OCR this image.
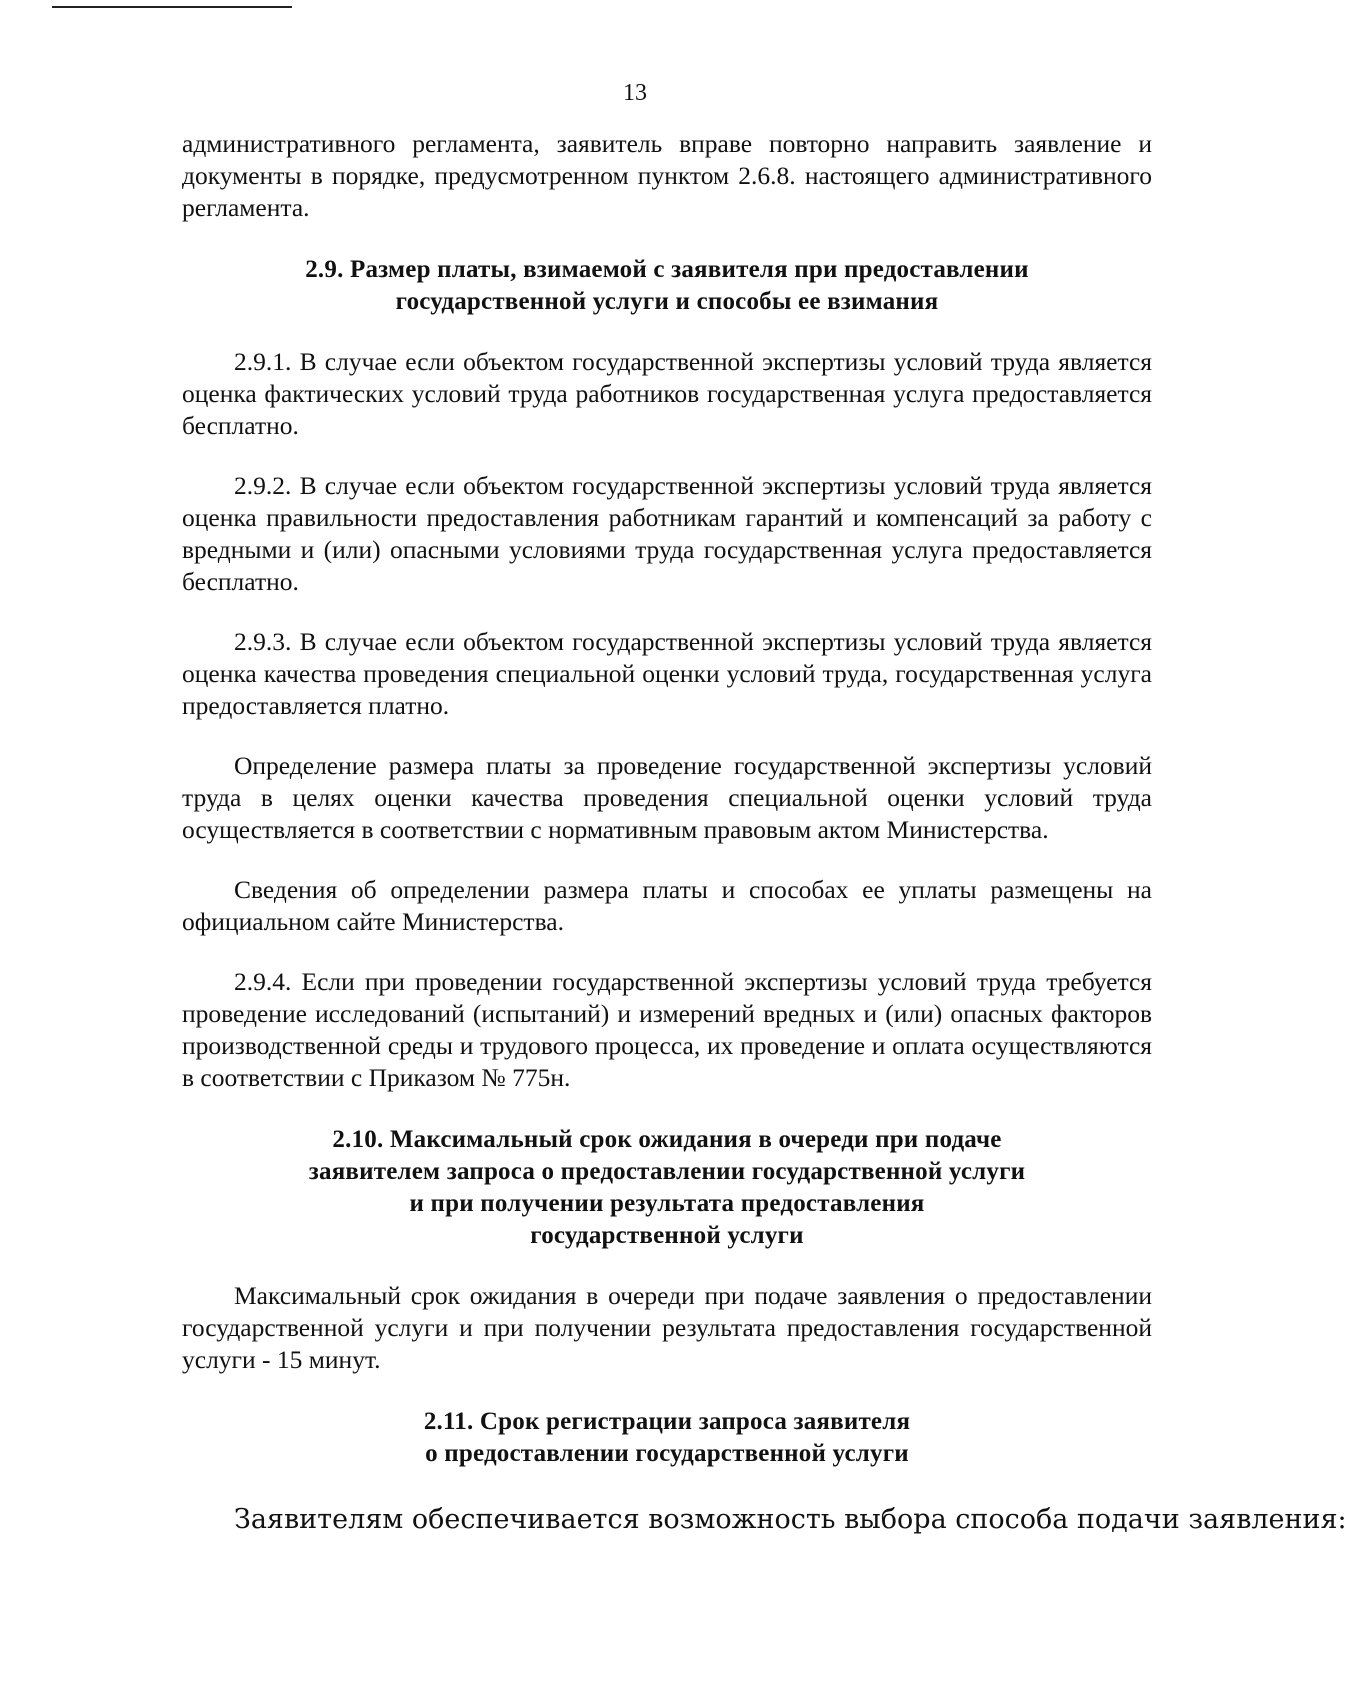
13

административного регламента, заявитель вправе повторно направить заявление и документы в порядке, предусмотренном пунктом 2.6.8. настоящего административного регламента.

2.9. Размер платы, взимаемой с заявителя при предоставлении
государственной услуги и способы ее взимания

2.9.1. В случае если объектом государственной экспертизы условий труда является оценка фактических условий труда работников государственная услуга предоставляется бесплатно.

2.9.2. В случае если объектом государственной экспертизы условий труда является оценка правильности предоставления работникам гарантий и компенсаций за работу с вредными и (или) опасными условиями труда государственная услуга предоставляется бесплатно.

2.9.3. В случае если объектом государственной экспертизы условий труда является оценка качества проведения специальной оценки условий труда, государственная услуга предоставляется платно.

Определение размера платы за проведение государственной экспертизы условий труда в целях оценки качества проведения специальной оценки условий труда осуществляется в соответствии с нормативным правовым актом Министерства.

Сведения об определении размера платы и способах ее уплаты размещены на официальном сайте Министерства.

2.9.4. Если при проведении государственной экспертизы условий труда требуется проведение исследований (испытаний) и измерений вредных и (или) опасных факторов производственной среды и трудового процесса, их проведение и оплата осуществляются в соответствии с Приказом № 775н.

2.10. Максимальный срок ожидания в очереди при подаче
заявителем запроса о предоставлении государственной услуги
и при получении результата предоставления
государственной услуги

Максимальный срок ожидания в очереди при подаче заявления о предоставлении государственной услуги и при получении результата предоставления государственной услуги - 15 минут.

2.11. Срок регистрации запроса заявителя
о предоставлении государственной услуги

Заявителям обеспечивается возможность выбора способа подачи заявления:
